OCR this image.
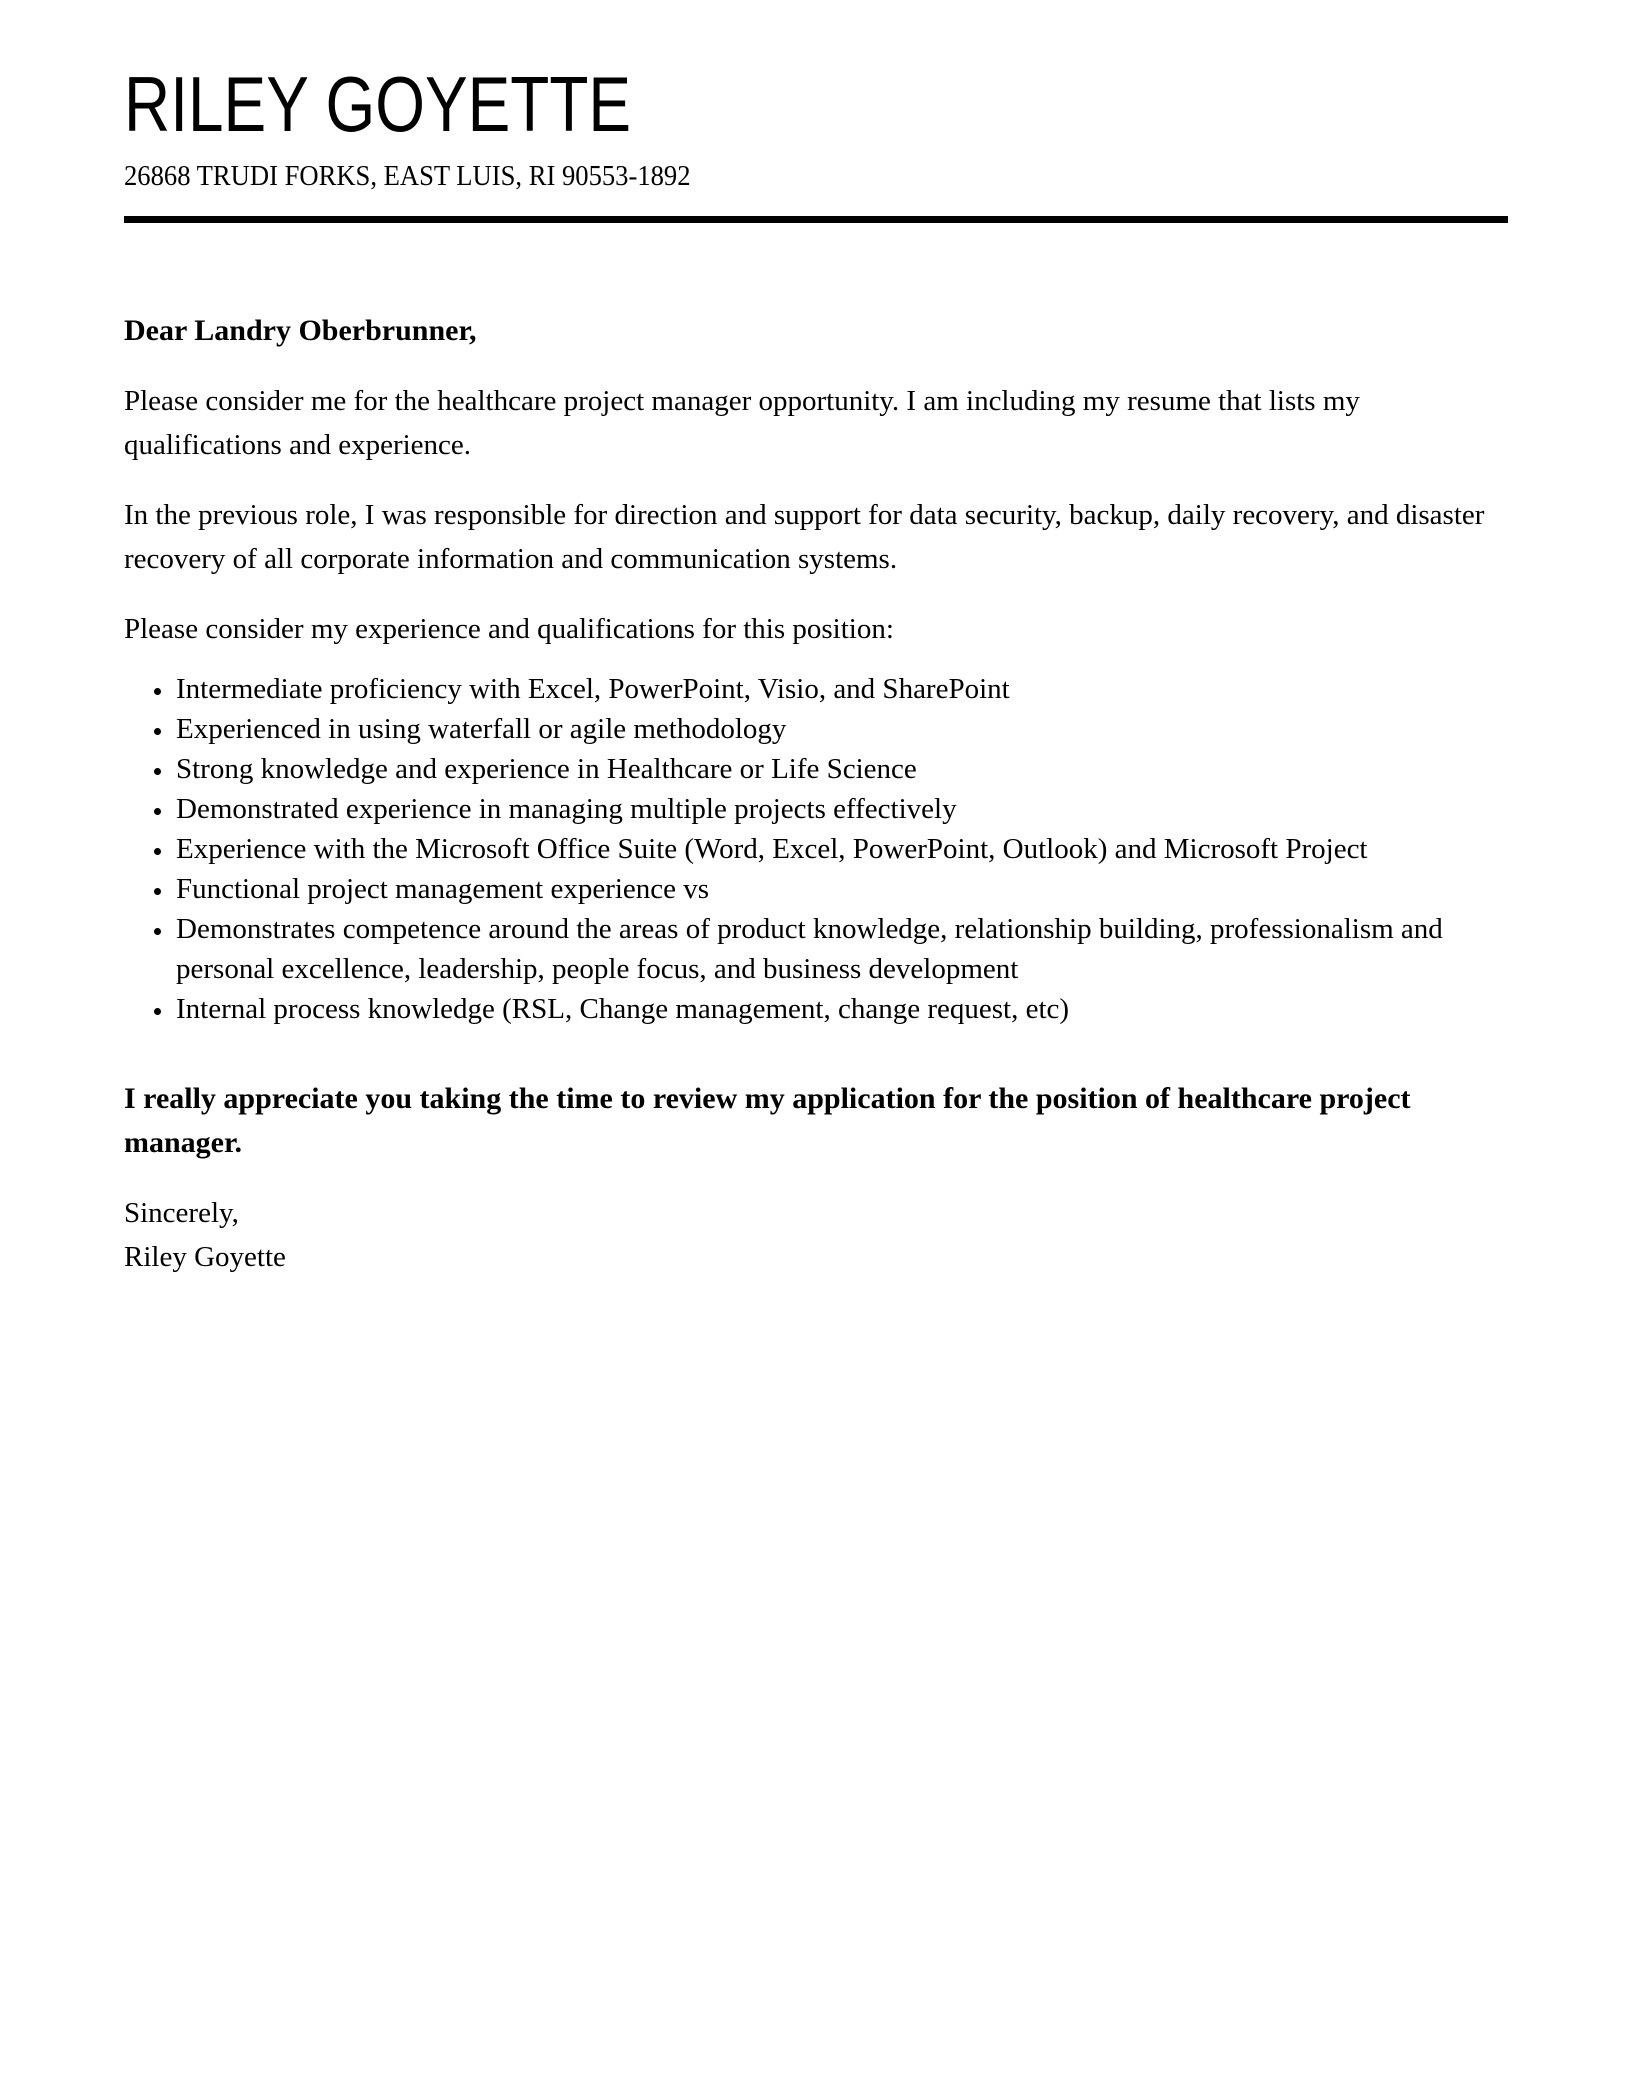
RILEY GOYETTE
26868 TRUDI FORKS, EAST LUIS, RI 90553-1892

Dear Landry Oberbrunner,

Please consider me for the healthcare project manager opportunity. I am including my resume that lists my qualifications and experience.

In the previous role, I was responsible for direction and support for data security, backup, daily recovery, and disaster recovery of all corporate information and communication systems.

Please consider my experience and qualifications for this position:

• Intermediate proficiency with Excel, PowerPoint, Visio, and SharePoint
• Experienced in using waterfall or agile methodology
• Strong knowledge and experience in Healthcare or Life Science
• Demonstrated experience in managing multiple projects effectively
• Experience with the Microsoft Office Suite (Word, Excel, PowerPoint, Outlook) and Microsoft Project
• Functional project management experience vs
• Demonstrates competence around the areas of product knowledge, relationship building, professionalism and personal excellence, leadership, people focus, and business development
• Internal process knowledge (RSL, Change management, change request, etc)

I really appreciate you taking the time to review my application for the position of healthcare project manager.

Sincerely,
Riley Goyette
